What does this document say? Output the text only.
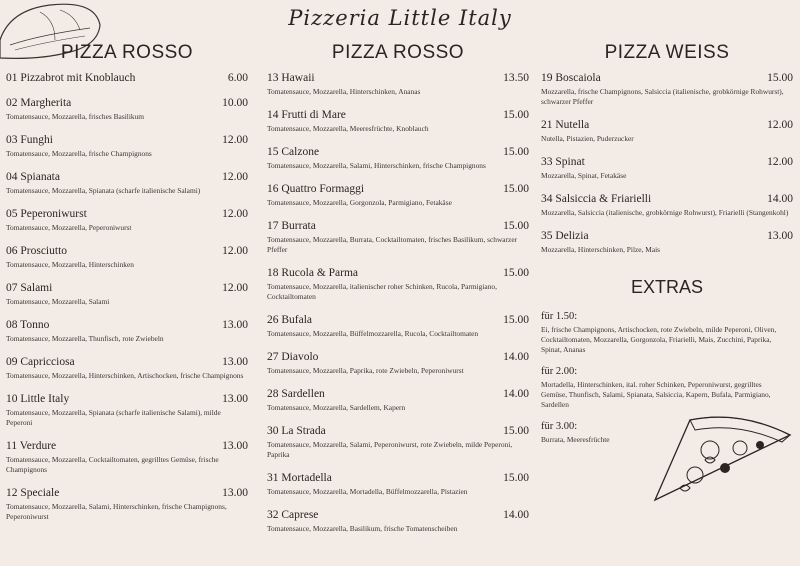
Pizzeria Little Italy
PIZZA ROSSO
01 Pizzabrot mit Knoblauch	6.00
02 Margherita	10.00
Tomatensauce, Mozzarella, frisches Basilikum
03 Funghi	12.00
Tomatensauce, Mozzarella, frische Champignons
04 Spianata	12.00
Tomatensauce, Mozzarella, Spianata (scharfe italienische Salami)
05 Peperoniwurst	12.00
Tomatensauce, Mozzarella, Peperoniwurst
06 Prosciutto	12.00
Tomatensauce, Mozzarella, Hinterschinken
07 Salami	12.00
Tomatensauce, Mozzarella, Salami
08 Tonno	13.00
Tomatensauce, Mozzarella, Thunfisch, rote Zwiebeln
09 Capricciosa	13.00
Tomatensauce, Mozzarella, Hinterschinken, Artischocken, frische Champignons
10 Little Italy	13.00
Tomatensauce, Mozzarella, Spianata (scharfe italienische Salami), milde Peperoni
11 Verdure	13.00
Tomatensauce, Mozzarella, Cocktailtomaten, gegrilltes Gemüse, frische Champignons
12 Speciale	13.00
Tomatensauce, Mozzarella, Salami, Hinterschinken, frische Champignons, Peperoniwurst
PIZZA ROSSO
13 Hawaii	13.50
Tomatensauce, Mozzarella, Hinterschinken, Ananas
14 Frutti di Mare	15.00
Tomatensauce, Mozzarella, Meeresfrüchte, Knoblauch
15 Calzone	15.00
Tomatensauce, Mozzarella, Salami, Hinterschinken, frische Champignons
16 Quattro Formaggi	15.00
Tomatensauce, Mozzarella, Gorgonzola, Parmigiano, Fetakäse
17 Burrata	15.00
Tomatensauce, Mozzarella, Burrata, Cocktailtomaten, frisches Basilikum, schwarzer Pfeffer
18 Rucola & Parma	15.00
Tomatensauce, Mozzarella, italienischer roher Schinken, Rucola, Parmigiano, Cocktailtomaten
26 Bufala	15.00
Tomatensauce, Mozzarella, Büffelmozzarella, Rucola, Cocktailtomaten
27 Diavolo	14.00
Tomatensauce, Mozzarella, Paprika, rote Zwiebeln, Peperoniwurst
28 Sardellen	14.00
Tomatensauce, Mozzarella, Sardellem, Kapern
30 La Strada	15.00
Tomatensauce, Mozzarella, Salami, Peperoniwurst, rote Zwiebeln, milde Peperoni, Paprika
31 Mortadella	15.00
Tomatensauce, Mozzarella, Mortadella, Büffelmozzarella, Pistazien
32 Caprese	14.00
Tomatensauce, Mozzarella, Basilikum, frische Tomatenscheiben
PIZZA WEISS
19 Boscaiola	15.00
Mozzarella, frische Champignons, Salsiccia (italienische, grobkörnige Rohwurst), schwarzer Pfeffer
21 Nutella	12.00
Nutella, Pistazien, Puderzucker
33 Spinat	12.00
Mozzarella, Spinat, Fetakäse
34 Salsiccia & Friarielli	14.00
Mozzarella, Salsiccia (italienische, grobkörnige Rohwurst), Friarielli (Stangenkohl)
35 Delizia	13.00
Mozzarella, Hinterschinken, Pilze, Mais
EXTRAS
für 1.50:
Ei, frische Champignons, Artischocken, rote Zwiebeln, milde Peperoni, Oliven, Cocktailtomaten, Mozzarella, Gorgonzola, Friarielli, Mais, Zucchini, Paprika, Spinat, Ananas
für 2.00:
Mortadella, Hinterschinken, ital. roher Schinken, Peperoniwurst, gegrilltes Gemüse, Thunfisch, Salami, Spianata, Salsiccia, Kapern, Bufala, Parmigiano, Sardellen
für 3.00:
Burrata, Meeresfrüchte
